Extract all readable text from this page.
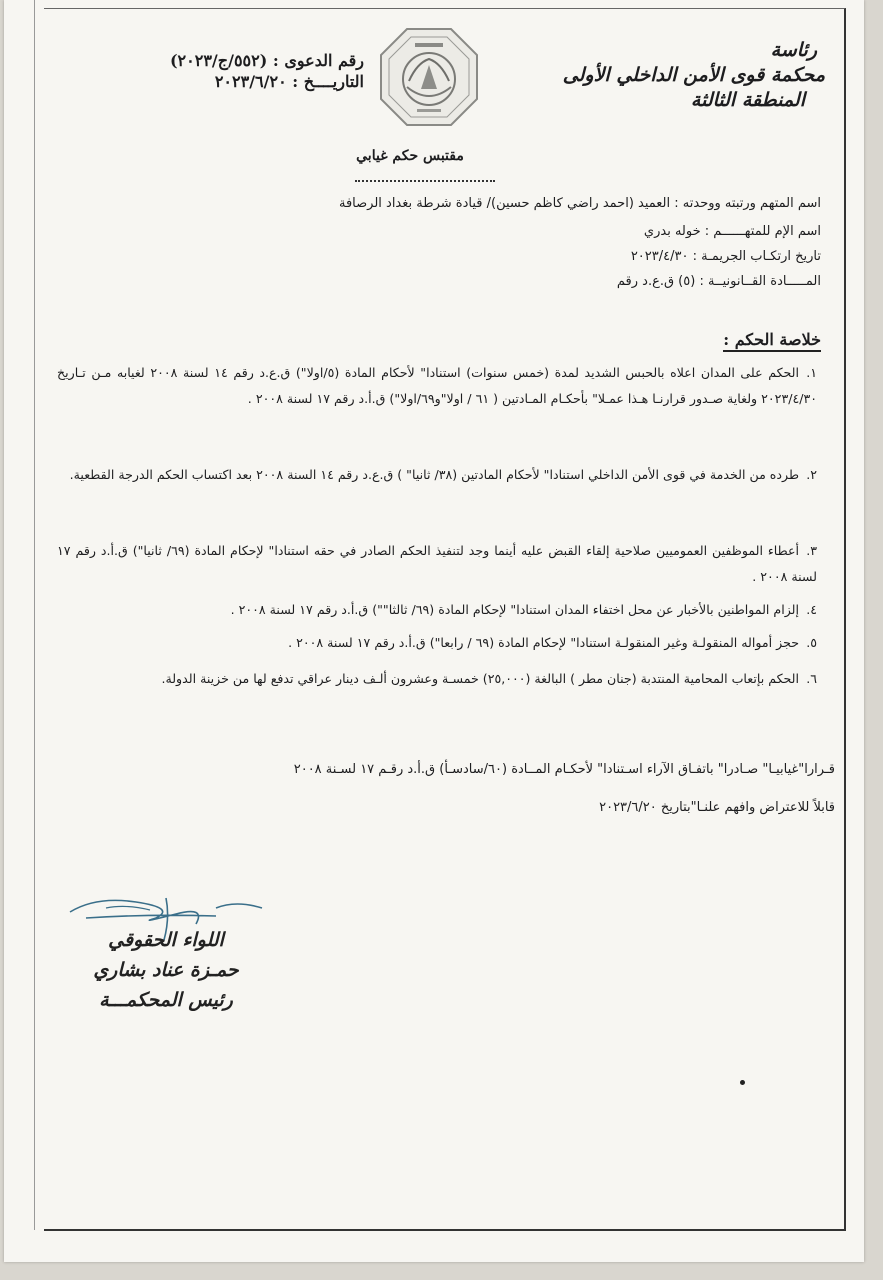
رئاسة
محكمة قوى الأمن الداخلي الأولى
المنطقة الثالثة
رقم الدعوى : (٥٥٢/ج/٢٠٢٣)
التاريــــخ : ٢٠٢٣/٦/٢٠
مقتبس حكم غيابي
اسم المتهم ورتبته ووحدته : العميد (احمد راضي كاظم حسين)/ قيادة شرطة بغداد الرصافة
اسم الإم للمتهــــــم : خوله بدري
تاريخ ارتكـاب الجريمـة : ٢٠٢٣/٤/٣٠
المـــــادة القــانونيــة : (٥) ق.ع.د رقم
خلاصة الحكم :
١.الحكم على المدان اعلاه بالحبس الشديد لمدة (خمس سنوات) استنادا" لأحكام المادة (٥/اولا") ق.ع.د رقم ١٤ لسنة ٢٠٠٨ لغيابه مـن تـاريخ ٢٠٢٣/٤/٣٠ ولغاية صـدور قرارنـا هـذا عمـلا" بأحكـام المـادتين ( ٦١ / اولا"و٦٩/اولا") ق.أ.د رقم ١٧ لسنة ٢٠٠٨ .
٢.طرده من الخدمة في قوى الأمن الداخلي استنادا" لأحكام المادتين (٣٨/ ثانيا" ) ق.ع.د رقم ١٤ السنة ٢٠٠٨ بعد اكتساب الحكم الدرجة القطعية.
٣.أعطاء الموظفين العموميين صلاحية إلقاء القبض عليه أينما وجد لتنفيذ الحكم الصادر في حقه استنادا" لإحكام المادة (٦٩/ ثانيا") ق.أ.د رقم ١٧ لسنة ٢٠٠٨ .
٤.إلزام المواطنين بالأخبار عن محل اختفاء المدان استنادا" لإحكام المادة (٦٩/ ثالثا"") ق.أ.د رقم ١٧ لسنة ٢٠٠٨ .
٥.حجز أمواله المنقولـة وغير المنقولـة استنادا" لإحكام المادة (٦٩ / رابعا") ق.أ.د رقم ١٧ لسنة ٢٠٠٨ .
٦.الحكم بإتعاب المحامية المنتدبة (جنان مطر ) البالغة (٢٥,٠٠٠) خمسـة وعشرون ألـف دينار عراقي تدفع لها من خزينة الدولة.
قـرارا"غيابيـا" صـادرا" باتفـاق الآراء اسـتنادا" لأحكـام المــادة (٦٠/سادسـأ) ق.أ.د رقـم ١٧ لسـنة ٢٠٠٨
قابلاً للاعتراض وافهم علنـا"بتاريخ ٢٠٢٣/٦/٢٠
اللواء الحقوقي
حمـزة عناد بشاري
رئيس المحكمـــة
